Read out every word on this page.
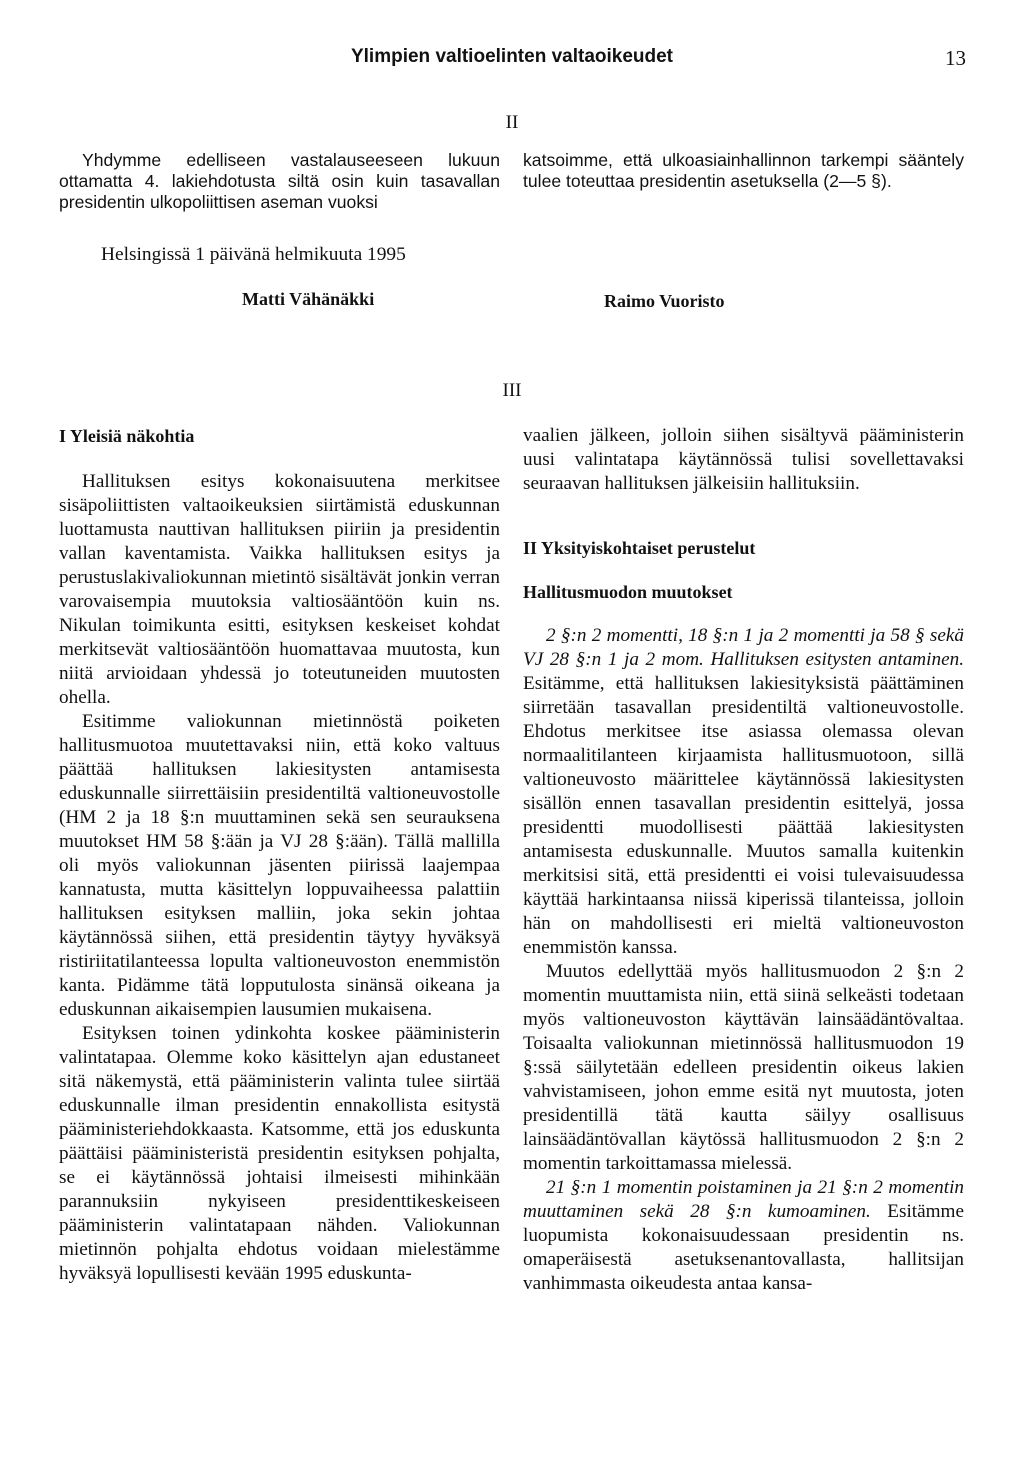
Ylimpien valtioelinten valtaoikeudet	13
II

Yhdymme edelliseen vastalauseeseen lukuun ottamatta 4. lakiehdotusta siltä osin kuin tasavallan presidentin ulkopoliittisen aseman vuoksi

katsoimme, että ulkoasiainhallinnon tarkempi sääntely tulee toteuttaa presidentin asetuksella (2—5 §).

Helsingissä 1 päivänä helmikuuta 1995
Matti Vähänäkki	Raimo Vuoristo
III

I Yleisiä näkohtia

Hallituksen esitys kokonaisuutena merkitsee sisäpoliittisten valtaoikeuksien siirtämistä eduskunnan luottamusta nauttivan hallituksen piiriin ja presidentin vallan kaventamista. Vaikka hallituksen esitys ja perustuslakivaliokunnan mietintö sisältävät jonkin verran varovaisempia muutoksia valtiosääntöön kuin ns. Nikulan toimikunta esitti, esityksen keskeiset kohdat merkitsevät valtiosääntöön huomattavaa muutosta, kun niitä arvioidaan yhdessä jo toteutuneiden muutosten ohella.

Esitimme valiokunnan mietinnöstä poiketen hallitusmuotoa muutettavaksi niin, että koko valtuus päättää hallituksen lakiesitysten antamisesta eduskunnalle siirrettäisiin presidentiltä valtioneuvostolle (HM 2 ja 18 §:n muuttaminen sekä sen seurauksena muutokset HM 58 §:ään ja VJ 28 §:ään). Tällä mallilla oli myös valiokunnan jäsenten piirissä laajempaa kannatusta, mutta käsittelyn loppuvaiheessa palattiin hallituksen esityksen malliin, joka sekin johtaa käytännössä siihen, että presidentin täytyy hyväksyä ristiriitatilanteessa lopulta valtioneuvoston enemmistön kanta. Pidämme tätä lopputulosta sinänsä oikeana ja eduskunnan aikaisempien lausumien mukaisena.

Esityksen toinen ydinkohta koskee pääministerin valintatapaa. Olemme koko käsittelyn ajan edustaneet sitä näkemystä, että pääministerin valinta tulee siirtää eduskunnalle ilman presidentin ennakollista esitystä pääministeriehdokkaasta. Katsomme, että jos eduskunta päättäisi pääministeristä presidentin esityksen pohjalta, se ei käytännössä johtaisi ilmeisesti mihinkään parannuksiin nykyiseen presidenttikeskeiseen pääministerin valintatapaan nähden. Valiokunnan mietinnön pohjalta ehdotus voidaan mielestämme hyväksyä lopullisesti kevään 1995 eduskunta-

vaalien jälkeen, jolloin siihen sisältyvä pääministerin uusi valintatapa käytännössä tulisi sovellettavaksi seuraavan hallituksen jälkeisiin hallituksiin.

II Yksityiskohtaiset perustelut

Hallitusmuodon muutokset

2 §:n 2 momentti, 18 §:n 1 ja 2 momentti ja 58 § sekä VJ 28 §:n 1 ja 2 mom. Hallituksen esitysten antaminen. Esitämme, että hallituksen lakiesityksistä päättäminen siirretään tasavallan presidentiltä valtioneuvostolle. Ehdotus merkitsee itse asiassa olemassa olevan normaalitilanteen kirjaamista hallitusmuotoon, sillä valtioneuvosto määrittelee käytännössä lakiesitysten sisällön ennen tasavallan presidentin esittelyä, jossa presidentti muodollisesti päättää lakiesitysten antamisesta eduskunnalle. Muutos samalla kuitenkin merkitsisi sitä, että presidentti ei voisi tulevaisuudessa käyttää harkintaansa niissä kiperissä tilanteissa, jolloin hän on mahdollisesti eri mieltä valtioneuvoston enemmistön kanssa.

Muutos edellyttää myös hallitusmuodon 2 §:n 2 momentin muuttamista niin, että siinä selkeästi todetaan myös valtioneuvoston käyttävän lainsäädäntövaltaa. Toisaalta valiokunnan mietinnössä hallitusmuodon 19 §:ssä säilytetään edelleen presidentin oikeus lakien vahvistamiseen, johon emme esitä nyt muutosta, joten presidentillä tätä kautta säilyy osallisuus lainsäädäntövallan käytössä hallitusmuodon 2 §:n 2 momentin tarkoittamassa mielessä.

21 §:n 1 momentin poistaminen ja 21 §:n 2 momentin muuttaminen sekä 28 §:n kumoaminen. Esitämme luopumista kokonaisuudessaan presidentin ns. omaperäisestä asetuksenantovallasta, hallitsijan vanhimmasta oikeudesta antaa kansa-
